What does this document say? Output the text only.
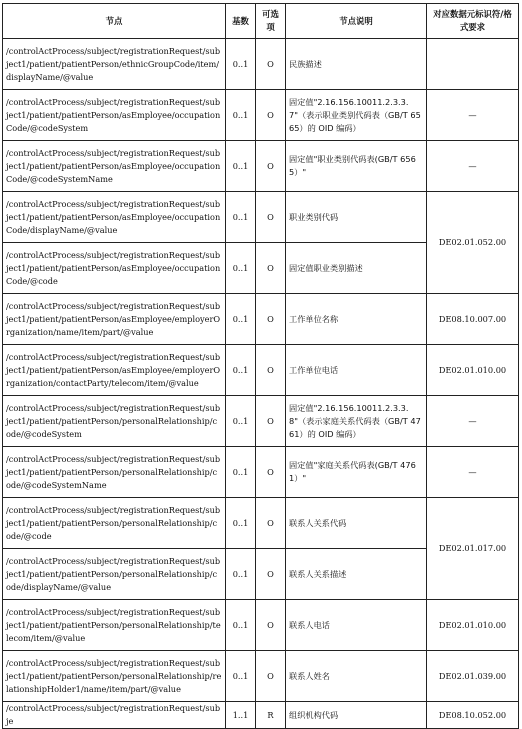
节点	基数	可选项	节点说明	对应数据元标识符/格式要求
/controlActProcess/subject/registrationRequest/subject1/patient/patientPerson/ethnicGroupCode/item/displayName/@value	0..1	O	民族描述	
/controlActProcess/subject/registrationRequest/subject1/patient/patientPerson/asEmployee/occupationCode/@codeSystem	0..1	O	固定值"2.16.156.10011.2.3.3.7"（表示职业类别代码表（GB/T 6565）的 OID 编码）	—
/controlActProcess/subject/registrationRequest/subject1/patient/patientPerson/asEmployee/occupationCode/@codeSystemName	0..1	O	固定值"职业类别代码表(GB/T 6565）"	—
/controlActProcess/subject/registrationRequest/subject1/patient/patientPerson/asEmployee/occupationCode/displayName/@value	0..1	O	职业类别代码	DE02.01.052.00
/controlActProcess/subject/registrationRequest/subject1/patient/patientPerson/asEmployee/occupationCode/@code	0..1	O	固定值职业类别描述	
/controlActProcess/subject/registrationRequest/subject1/patient/patientPerson/asEmployee/employerOrganization/name/item/part/@value	0..1	O	工作单位名称	DE08.10.007.00
/controlActProcess/subject/registrationRequest/subject1/patient/patientPerson/asEmployee/employerOrganization/contactParty/telecom/item/@value	0..1	O	工作单位电话	DE02.01.010.00
/controlActProcess/subject/registrationRequest/subject1/patient/patientPerson/personalRelationship/code/@codeSystem	0..1	O	固定值"2.16.156.10011.2.3.3.8"（表示家庭关系代码表（GB/T 4761）的 OID 编码）	—
/controlActProcess/subject/registrationRequest/subject1/patient/patientPerson/personalRelationship/code/@codeSystemName	0..1	O	固定值"家庭关系代码表(GB/T 4761）"	—
/controlActProcess/subject/registrationRequest/subject1/patient/patientPerson/personalRelationship/code/@code	0..1	O	联系人关系代码	DE02.01.017.00
/controlActProcess/subject/registrationRequest/subject1/patient/patientPerson/personalRelationship/code/displayName/@value	0..1	O	联系人关系描述	
/controlActProcess/subject/registrationRequest/subject1/patient/patientPerson/personalRelationship/telecom/item/@value	0..1	O	联系人电话	DE02.01.010.00
/controlActProcess/subject/registrationRequest/subject1/patient/patientPerson/personalRelationship/relationshipHolder1/name/item/part/@value	0..1	O	联系人姓名	DE02.01.039.00
/controlActProcess/subject/registrationRequest/subje	1..1	R	组织机构代码	DE08.10.052.00
